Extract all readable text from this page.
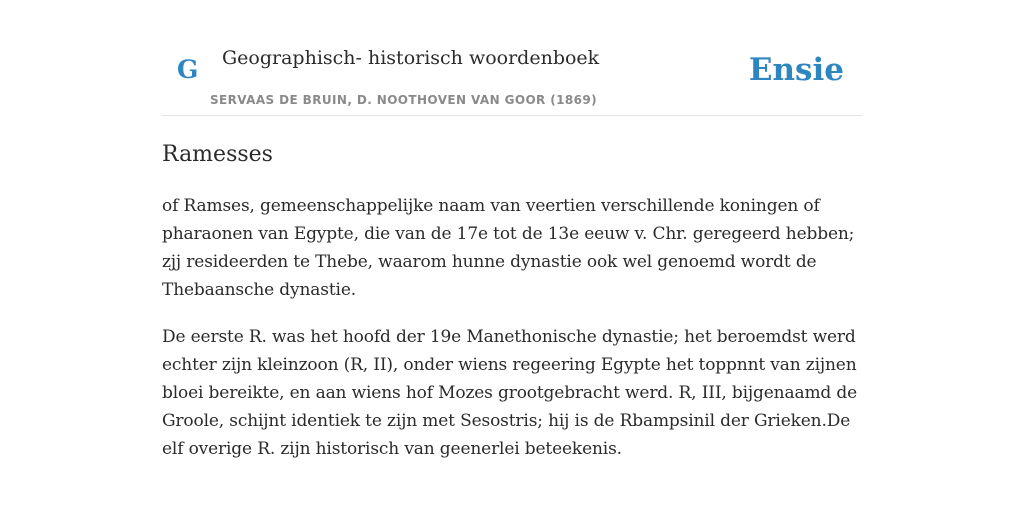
G Geographisch- historisch woordenboek
SERVAAS DE BRUIN, D. NOOTHOVEN VAN GOOR (1869)
Ensie
Ramesses

of Ramses, gemeenschappelijke naam van veertien verschillende koningen of pharaonen van Egypte, die van de 17e tot de 13e eeuw v. Chr. geregeerd hebben; zjj resideerden te Thebe, waarom hunne dynastie ook wel genoemd wordt de Thebaansche dynastie.

De eerste R. was het hoofd der 19e Manethonische dynastie; het beroemdst werd echter zijn kleinzoon (R, II), onder wiens regeering Egypte het toppnnt van zijnen bloei bereikte, en aan wiens hof Mozes grootgebracht werd. R, III, bijgenaamd de Groole, schijnt identiek te zijn met Sesostris; hij is de Rbampsinil der Grieken.De elf overige R. zijn historisch van geenerlei beteekenis.
